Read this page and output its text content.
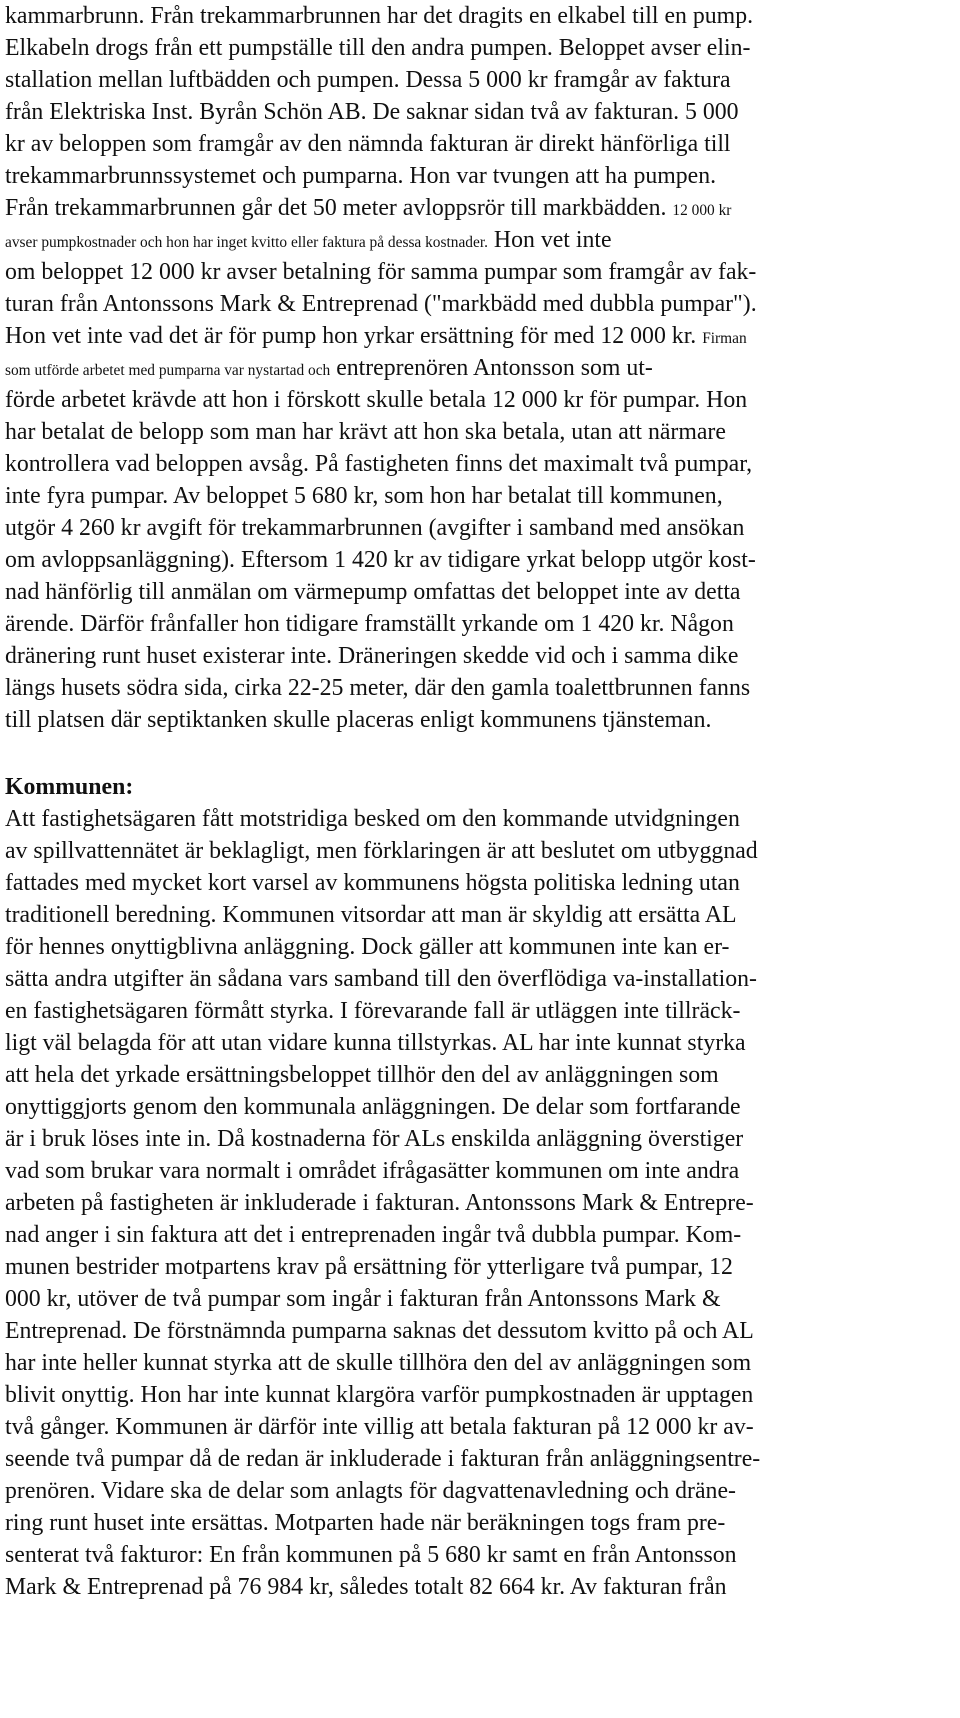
kammarbrunn. Från trekammarbrunnen har det dragits en elkabel till en pump.
Elkabeln drogs från ett pumpställe till den andra pumpen. Beloppet avser elin-
stallation mellan luftbädden och pumpen. Dessa 5 000 kr framgår av faktura
från Elektriska Inst. Byrån Schön AB. De saknar sidan två av fakturan. 5 000
kr av beloppen som framgår av den nämnda fakturan är direkt hänförliga till
trekammarbrunnssystemet och pumparna. Hon var tvungen att ha pumpen.
Från trekammarbrunnen går det 50 meter avloppsrör till markbädden. 12 000 kr
avser pumpkostnader och hon har inget kvitto eller faktura på dessa kostnader. Hon vet inte
om beloppet 12 000 kr avser betalning för samma pumpar som framgår av fak-
turan från Antonssons Mark & Entreprenad ("markbädd med dubbla pumpar").
Hon vet inte vad det är för pump hon yrkar ersättning för med 12 000 kr. Firman
som utförde arbetet med pumparna var nystartad och entreprenören Antonsson som ut-
förde arbetet krävde att hon i förskott skulle betala 12 000 kr för pumpar. Hon
har betalat de belopp som man har krävt att hon ska betala, utan att närmare
kontrollera vad beloppen avsåg. På fastigheten finns det maximalt två pumpar,
inte fyra pumpar. Av beloppet 5 680 kr, som hon har betalat till kommunen,
utgör 4 260 kr avgift för trekammarbrunnen (avgifter i samband med ansökan
om avloppsanläggning). Eftersom 1 420 kr av tidigare yrkat belopp utgör kost-
nad hänförlig till anmälan om värmepump omfattas det beloppet inte av detta
ärende. Därför frånfaller hon tidigare framställt yrkande om 1 420 kr. Någon
dränering runt huset existerar inte. Dräneringen skedde vid och i samma dike
längs husets södra sida, cirka 22-25 meter, där den gamla toalettbrunnen fanns
till platsen där septiktanken skulle placeras enligt kommunens tjänsteman.
Kommunen:
Att fastighetsägaren fått motstridiga besked om den kommande utvidgningen
av spillvattennätet är beklagligt, men förklaringen är att beslutet om utbyggnad
fattades med mycket kort varsel av kommunens högsta politiska ledning utan
traditionell beredning. Kommunen vitsordar att man är skyldig att ersätta AL
för hennes onyttigblivna anläggning. Dock gäller att kommunen inte kan er-
sätta andra utgifter än sådana vars samband till den överflödiga va-installation-
en fastighetsägaren förmått styrka. I förevarande fall är utläggen inte tillräck-
ligt väl belagda för att utan vidare kunna tillstyrkas. AL har inte kunnat styrka
att hela det yrkade ersättningsbeloppet tillhör den del av anläggningen som
onyttiggjorts genom den kommunala anläggningen. De delar som fortfarande
är i bruk löses inte in. Då kostnaderna för ALs enskilda anläggning överstiger
vad som brukar vara normalt i området ifrågasätter kommunen om inte andra
arbeten på fastigheten är inkluderade i fakturan. Antonssons Mark & Entrepre-
nad anger i sin faktura att det i entreprenaden ingår två dubbla pumpar. Kom-
munen bestrider motpartens krav på ersättning för ytterligare två pumpar, 12
000 kr, utöver de två pumpar som ingår i fakturan från Antonssons Mark &
Entreprenad. De förstnämnda pumparna saknas det dessutom kvitto på och AL
har inte heller kunnat styrka att de skulle tillhöra den del av anläggningen som
blivit onyttig. Hon har inte kunnat klargöra varför pumpkostnaden är upptagen
två gånger. Kommunen är därför inte villig att betala fakturan på 12 000 kr av-
seende två pumpar då de redan är inkluderade i fakturan från anläggningsentre-
prenören. Vidare ska de delar som anlagts för dagvattenavledning och dräne-
ring runt huset inte ersättas. Motparten hade när beräkningen togs fram pre-
senterat två fakturor: En från kommunen på 5 680 kr samt en från Antonsson
Mark & Entreprenad på 76 984 kr, således totalt 82 664 kr. Av fakturan från
